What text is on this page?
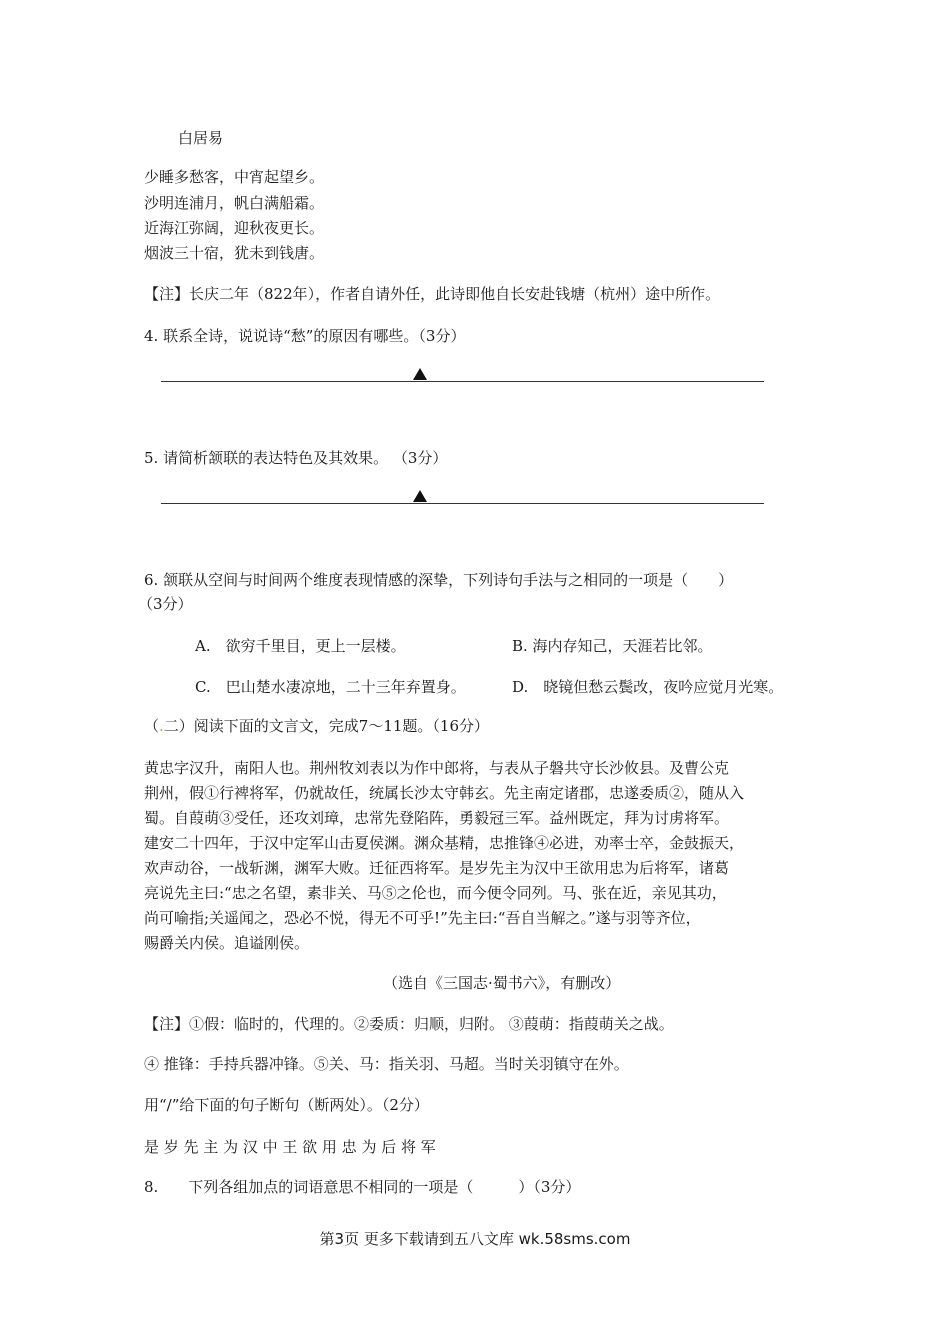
白居易
少睡多愁客，中宵起望乡。
沙明连浦月，帆白满船霜。
近海江弥阔，迎秋夜更长。
烟波三十宿，犹未到钱唐。
【注】长庆二年（822年），作者自请外任，此诗即他自长安赴钱塘（杭州）途中所作。
4. 联系全诗，说说诗“愁”的原因有哪些。（3分）
5. 请简析颔联的表达特色及其效果。 （3分）
6. 颔联从空间与时间两个维度表现情感的深挚，下列诗句手法与之相同的一项是（　　）
（3分）
A.　欲穷千里目，更上一层楼。	B. 海内存知己，天涯若比邻。
C.　巴山楚水凄凉地，二十三年弃置身。	D.　晓镜但愁云鬓改，夜吟应觉月光寒。
（.二）阅读下面的文言文，完成7～11题。（16分）
黄忠字汉升，南阳人也。荆州牧刘表以为作中郎将，与表从子磐共守长沙攸县。及曹公克
荆州，假①行裨将军，仍就故任，统属长沙太守韩玄。先主南定诸郡，忠遂委质②，随从入
蜀。自葭萌③受任，还攻刘璋，忠常先登陷阵，勇毅冠三军。益州既定，拜为讨虏将军。
建安二十四年，于汉中定军山击夏侯渊。渊众基精，忠推锋④必进，劝率士卒，金鼓振天，
欢声动谷，一战斩渊，渊军大败。迁征西将军。是岁先主为汉中王欲用忠为后将军，诸葛
亮说先主曰:“忠之名望，素非关、马⑤之伦也，而今便令同列。马、张在近，亲见其功，
尚可喻指;关遥闻之，恐必不悦，得无不可乎!”先主曰:“吾自当解之。”遂与羽等齐位，
赐爵关内侯。追谥刚侯。
（选自《三国志·蜀书六》，有删改）
【注】①假：临时的，代理的。②委质：归顺，归附。 ③葭萌：指葭萌关之战。
④ 推锋：手持兵器冲锋。⑤关、马：指关羽、马超。当时关羽镇守在外。
用“/”给下面的句子断句（断两处）。（2分）
是 岁 先 主 为 汉 中 王 欲 用 忠 为 后 将 军
8.　　下列各组加点的词语意思不相同的一项是（　　　）（3分）
第3页 更多下载请到五八文库 wk.58sms.com
